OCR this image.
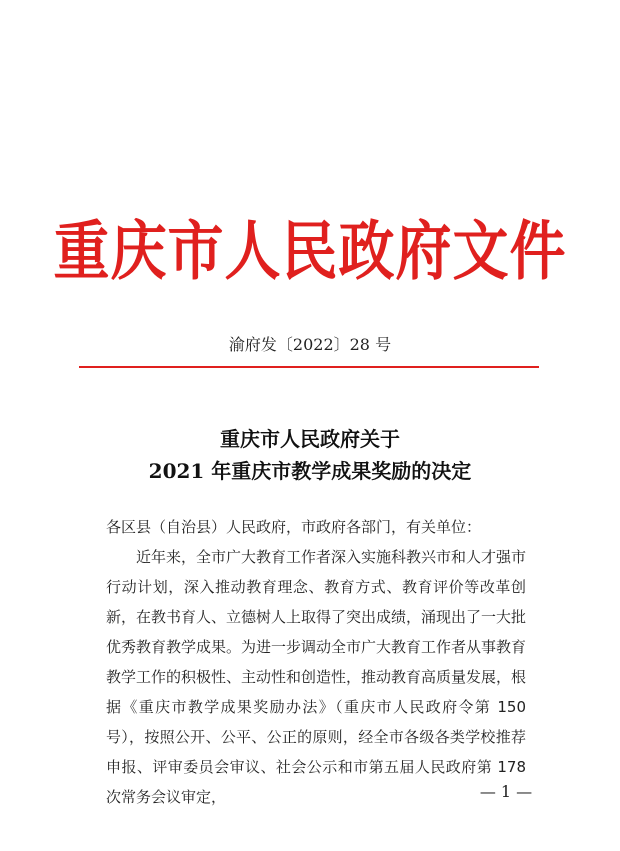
重庆市人民政府文件
渝府发〔2022〕28 号
重庆市人民政府关于
2021 年重庆市教学成果奖励的决定

各区县（自治县）人民政府，市政府各部门，有关单位：

近年来，全市广大教育工作者深入实施科教兴市和人才强市行动计划，深入推动教育理念、教育方式、教育评价等改革创新，在教书育人、立德树人上取得了突出成绩，涌现出了一大批优秀教育教学成果。为进一步调动全市广大教育工作者从事教育教学工作的积极性、主动性和创造性，推动教育高质量发展，根据《重庆市教学成果奖励办法》（重庆市人民政府令第 150 号），按照公开、公平、公正的原则，经全市各级各类学校推荐申报、评审委员会审议、社会公示和市第五届人民政府第 178 次常务会议审定，	— 1 —
